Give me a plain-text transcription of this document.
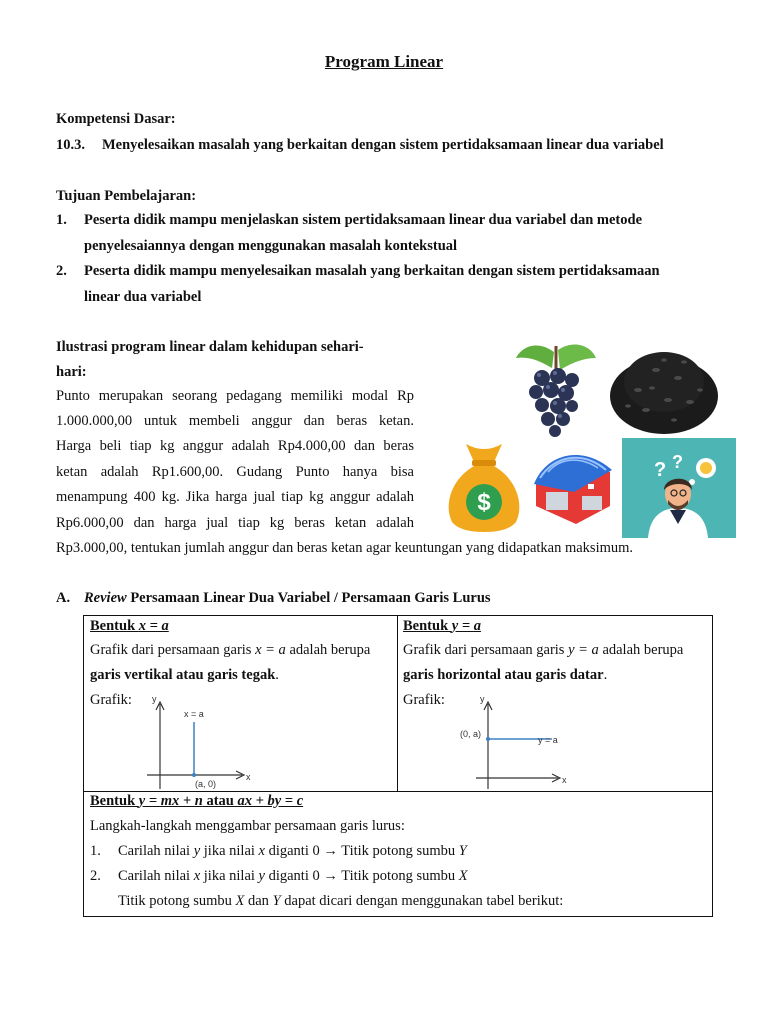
Program Linear
Kompetensi Dasar:
10.3. Menyelesaikan masalah yang berkaitan dengan sistem pertidaksamaan linear dua variabel
Tujuan Pembelajaran:
1. Peserta didik mampu menjelaskan sistem pertidaksamaan linear dua variabel dan metode
penyelesaiannya dengan menggunakan masalah kontekstual
2. Peserta didik mampu menyelesaikan masalah yang berkaitan dengan sistem pertidaksamaan
linear dua variabel
Ilustrasi program linear dalam kehidupan sehari-
hari:
Punto merupakan seorang pedagang memiliki modal Rp
1.000.000,00 untuk membeli anggur dan beras ketan.
Harga beli tiap kg anggur adalah Rp4.000,00 dan beras
ketan adalah Rp1.600,00. Gudang Punto hanya bisa
menampung 400 kg. Jika harga jual tiap kg anggur adalah
Rp6.000,00 dan harga jual tiap kg beras ketan adalah
Rp3.000,00, tentukan jumlah anggur dan beras ketan agar keuntungan yang didapatkan maksimum.
$
? ?
A. Review Persamaan Linear Dua Variabel / Persamaan Garis Lurus
Bentuk x = a
Grafik dari persamaan garis x = a adalah berupa
garis vertikal atau garis tegak.
Grafik: y
x
x = a
(a, 0)
Bentuk y = a
Grafik dari persamaan garis y = a adalah berupa
garis horizontal atau garis datar.
Grafik:	y
x
y = a
(0, a)
Bentuk y = mx + n atau ax + by = c
Langkah-langkah menggambar persamaan garis lurus:
1. Carilah nilai y jika nilai x diganti 0 → Titik potong sumbu Y
2. Carilah nilai x jika nilai y diganti 0 → Titik potong sumbu X
Titik potong sumbu X dan Y dapat dicari dengan menggunakan tabel berikut:
